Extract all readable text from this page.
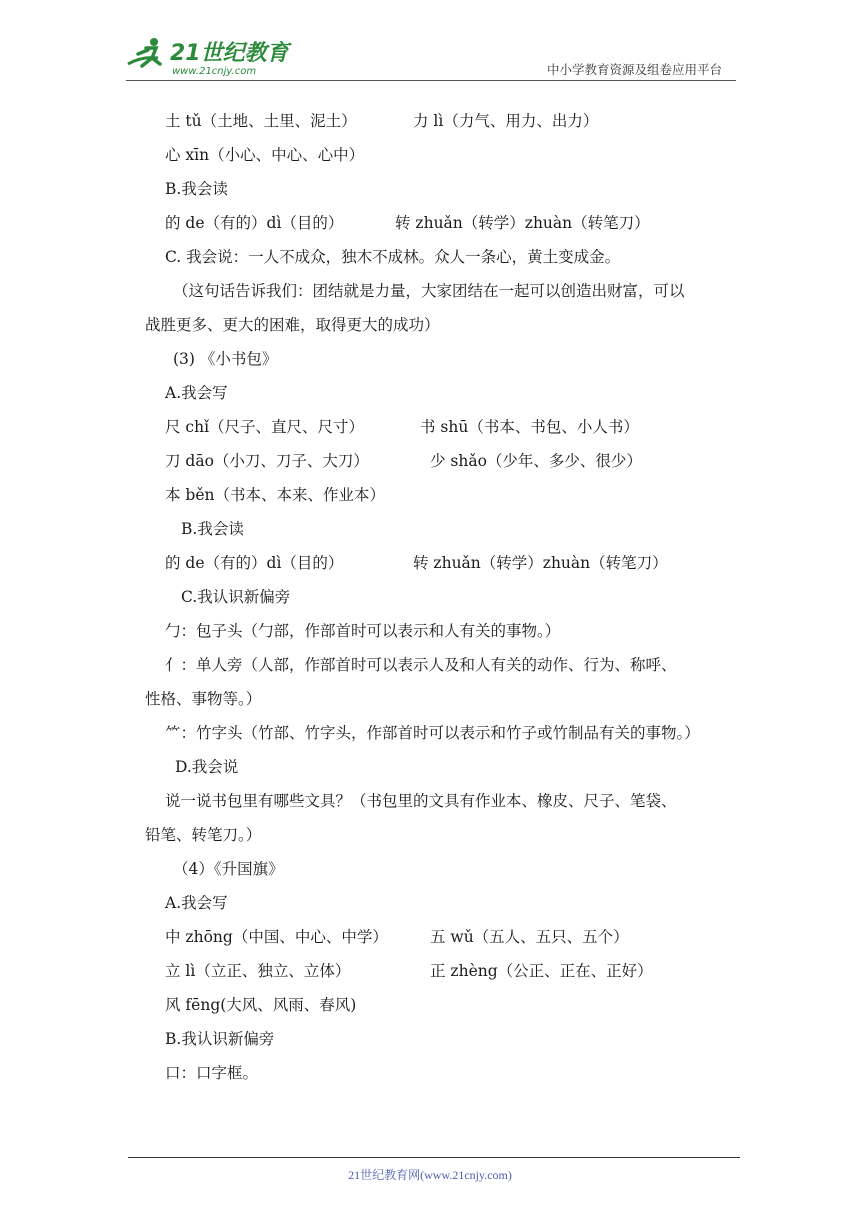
21世纪教育
www.21cnjy.com	中小学教育资源及组卷应用平台
土 tǔ（土地、土里、泥土）	力 lì（力气、用力、出力）
心 xīn（小心、中心、心中）
B.我会读
的 de（有的）dì（目的）	转 zhuǎn（转学）zhuàn（转笔刀）
C. 我会说：一人不成众，独木不成林。众人一条心，黄土变成金。
（这句话告诉我们：团结就是力量，大家团结在一起可以创造出财富，可以
战胜更多、更大的困难，取得更大的成功）
(3) 《小书包》
A.我会写
尺 chǐ（尺子、直尺、尺寸）	书 shū（书本、书包、小人书）
刀 dāo（小刀、刀子、大刀）	少 shǎo（少年、多少、很少）
本 běn（书本、本来、作业本）
B.我会读
的 de（有的）dì（目的）	转 zhuǎn（转学）zhuàn（转笔刀）
C.我认识新偏旁
勹：包子头（勹部，作部首时可以表示和人有关的事物。）
亻：单人旁（人部，作部首时可以表示人及和人有关的动作、行为、称呼、
性格、事物等。）
⺮：竹字头（竹部、竹字头，作部首时可以表示和竹子或竹制品有关的事物。）
D.我会说
说一说书包里有哪些文具？（书包里的文具有作业本、橡皮、尺子、笔袋、
铅笔、转笔刀。）
（4）《升国旗》
A.我会写
中 zhōng（中国、中心、中学）	五 wǔ（五人、五只、五个）
立 lì（立正、独立、立体）	正 zhèng（公正、正在、正好）
风 fēng(大风、风雨、春风)
B.我认识新偏旁
口：口字框。
21世纪教育网(www.21cnjy.com)
